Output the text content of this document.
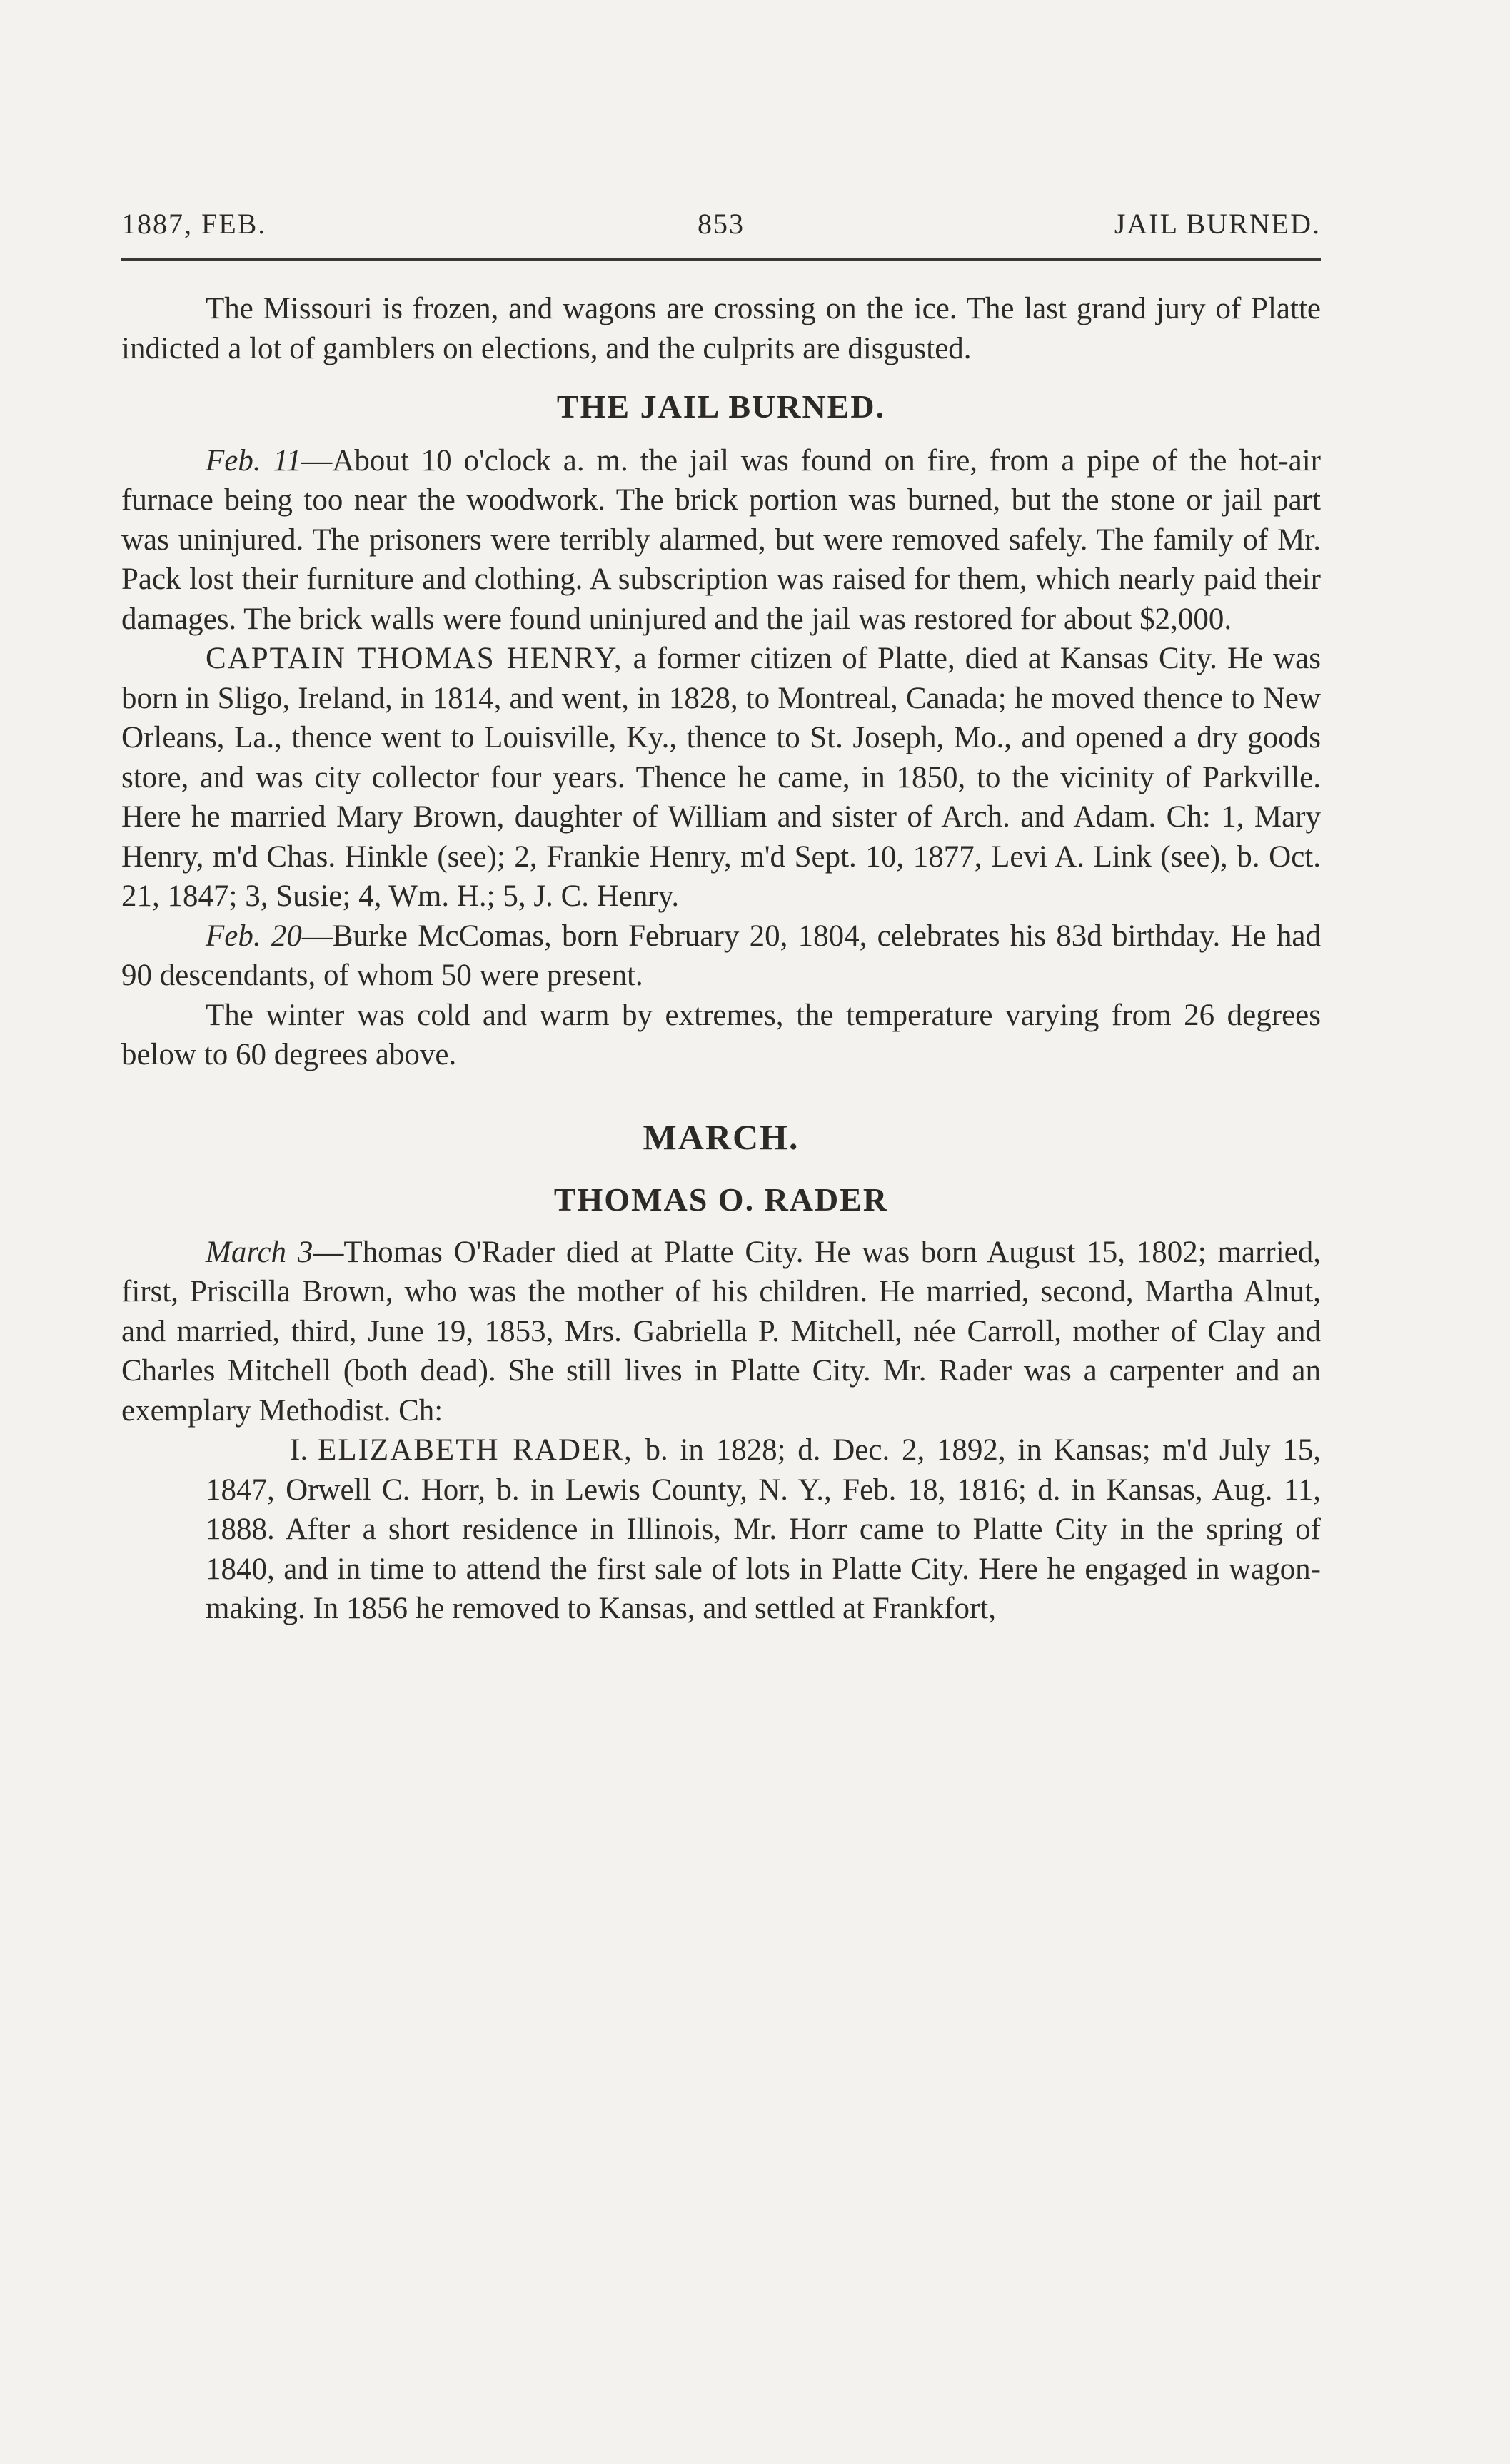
1887, FEB.	853	JAIL BURNED.

The Missouri is frozen, and wagons are crossing on the ice. The last grand jury of Platte indicted a lot of gamblers on elections, and the culprits are disgusted.

THE JAIL BURNED.

Feb. 11—About 10 o'clock a. m. the jail was found on fire, from a pipe of the hot-air furnace being too near the woodwork. The brick portion was burned, but the stone or jail part was uninjured. The prisoners were terribly alarmed, but were removed safely. The family of Mr. Pack lost their furniture and clothing. A subscription was raised for them, which nearly paid their damages. The brick walls were found uninjured and the jail was restored for about $2,000.

CAPTAIN THOMAS HENRY, a former citizen of Platte, died at Kansas City. He was born in Sligo, Ireland, in 1814, and went, in 1828, to Montreal, Canada; he moved thence to New Orleans, La., thence went to Louisville, Ky., thence to St. Joseph, Mo., and opened a dry goods store, and was city collector four years. Thence he came, in 1850, to the vicinity of Parkville. Here he married Mary Brown, daughter of William and sister of Arch. and Adam. Ch: 1, Mary Henry, m'd Chas. Hinkle (see); 2, Frankie Henry, m'd Sept. 10, 1877, Levi A. Link (see), b. Oct. 21, 1847; 3, Susie; 4, Wm. H.; 5, J. C. Henry.

Feb. 20—Burke McComas, born February 20, 1804, celebrates his 83d birthday. He had 90 descendants, of whom 50 were present.

The winter was cold and warm by extremes, the temperature varying from 26 degrees below to 60 degrees above.

MARCH.
THOMAS O. RADER

March 3—Thomas O'Rader died at Platte City. He was born August 15, 1802; married, first, Priscilla Brown, who was the mother of his children. He married, second, Martha Alnut, and married, third, June 19, 1853, Mrs. Gabriella P. Mitchell, née Carroll, mother of Clay and Charles Mitchell (both dead). She still lives in Platte City. Mr. Rader was a carpenter and an exemplary Methodist. Ch:

I. ELIZABETH RADER, b. in 1828; d. Dec. 2, 1892, in Kansas; m'd July 15, 1847, Orwell C. Horr, b. in Lewis County, N. Y., Feb. 18, 1816; d. in Kansas, Aug. 11, 1888. After a short residence in Illinois, Mr. Horr came to Platte City in the spring of 1840, and in time to attend the first sale of lots in Platte City. Here he engaged in wagon-making. In 1856 he removed to Kansas, and settled at Frankfort,
